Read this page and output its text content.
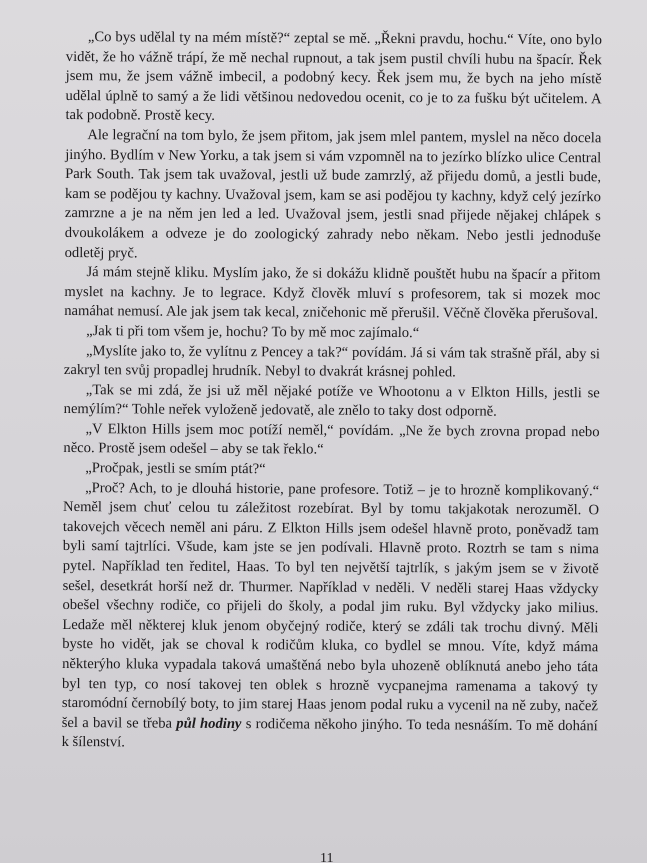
„Co bys udělal ty na mém místě?“ zeptal se mě. „Řekni pravdu, hochu.“ Víte, ono bylo vidět, že ho vážně trápí, že mě nechal rupnout, a tak jsem pustil chvíli hubu na špacír. Řek jsem mu, že jsem vážně imbecil, a podobný kecy. Řek jsem mu, že bych na jeho místě udělal úplně to samý a že lidi většinou nedovedou ocenit, co je to za fušku být učitelem. A tak podobně. Prostě kecy.

Ale legrační na tom bylo, že jsem přitom, jak jsem mlel pantem, myslel na něco docela jinýho. Bydlím v New Yorku, a tak jsem si vám vzpomněl na to jezírko blízko ulice Central Park South. Tak jsem tak uvažoval, jestli už bude zamrzlý, až přijedu domů, a jestli bude, kam se podějou ty kachny. Uvažoval jsem, kam se asi poděјou ty kachny, když celý jezírko zamrzne a je na něm jen led a led. Uvažoval jsem, jestli snad přijede nějakej chlápek s dvoukolákem a odveze je do zoologický zahrady nebo někam. Nebo jestli jednoduše odletěj pryč.

Já mám stejně kliku. Myslím jako, že si dokážu klidně pouštět hubu na špacír a přitom myslet na kachny. Je to legrace. Když člověk mluví s profesorem, tak si mozek moc namáhat nemusí. Ale jak jsem tak kecal, zničehonic mě přerušil. Věčně člověka přerušoval.

„Jak ti při tom všem je, hochu? To by mě moc zajímalo.“

„Myslíte jako to, že vylítnu z Pencey a tak?“ povídám. Já si vám tak strašně přál, aby si zakryl ten svůj propadlej hrudník. Nebyl to dvakrát krásnej pohled.

„Tak se mi zdá, že jsi už měl nějaké potíže ve Whootonu a v Elkton Hills, jestli se nemýlím?“ Tohle neřek vyloženě jedovatě, ale znělo to taky dost odporně.

„V Elkton Hills jsem moc potíží neměl,“ povídám. „Ne že bych zrovna propad nebo něco. Prostě jsem odešel – aby se tak řeklo.“

„Pročpak, jestli se smím ptát?“

„Proč? Ach, to je dlouhá historie, pane profesore. Totiž – je to hrozně komplikovaný.“ Neměl jsem chuť celou tu záležitost rozebírat. Byl by tomu takjakotak nerozuměl. O takovejch věcech neměl ani páru. Z Elkton Hills jsem odešel hlavně proto, poněvadž tam byli samí tajtrlíci. Všude, kam jste se jen podívali. Hlavně proto. Roztrh se tam s nima pytel. Například ten ředitel, Haas. To byl ten největší tajtrlík, s jakým jsem se v životě sešel, desetkrát horší než dr. Thurmer. Například v neděli. V neděli starej Haas vždycky obešel všechny rodiče, co přijeli do školy, a podal jim ruku. Byl vždycky jako milius. Ledaže měl některej kluk jenom obyčejný rodiče, který se zdáli tak trochu divný. Měli byste ho vidět, jak se choval k rodičům kluka, co bydlel se mnou. Víte, když máma některýho kluka vypadala taková umaštěná nebo byla uhozeně oblíknutá anebo jeho táta byl ten typ, co nosí takovej ten oblek s hrozně vycpanejma ramenama a takový ty staromódní černobílý boty, to jim starej Haas jenom podal ruku a vycenil na ně zuby, načež šel a bavil se třeba půl hodiny s rodičema někoho jinýho. To teda nesnáším. To mě dohání k šílenství.

11
